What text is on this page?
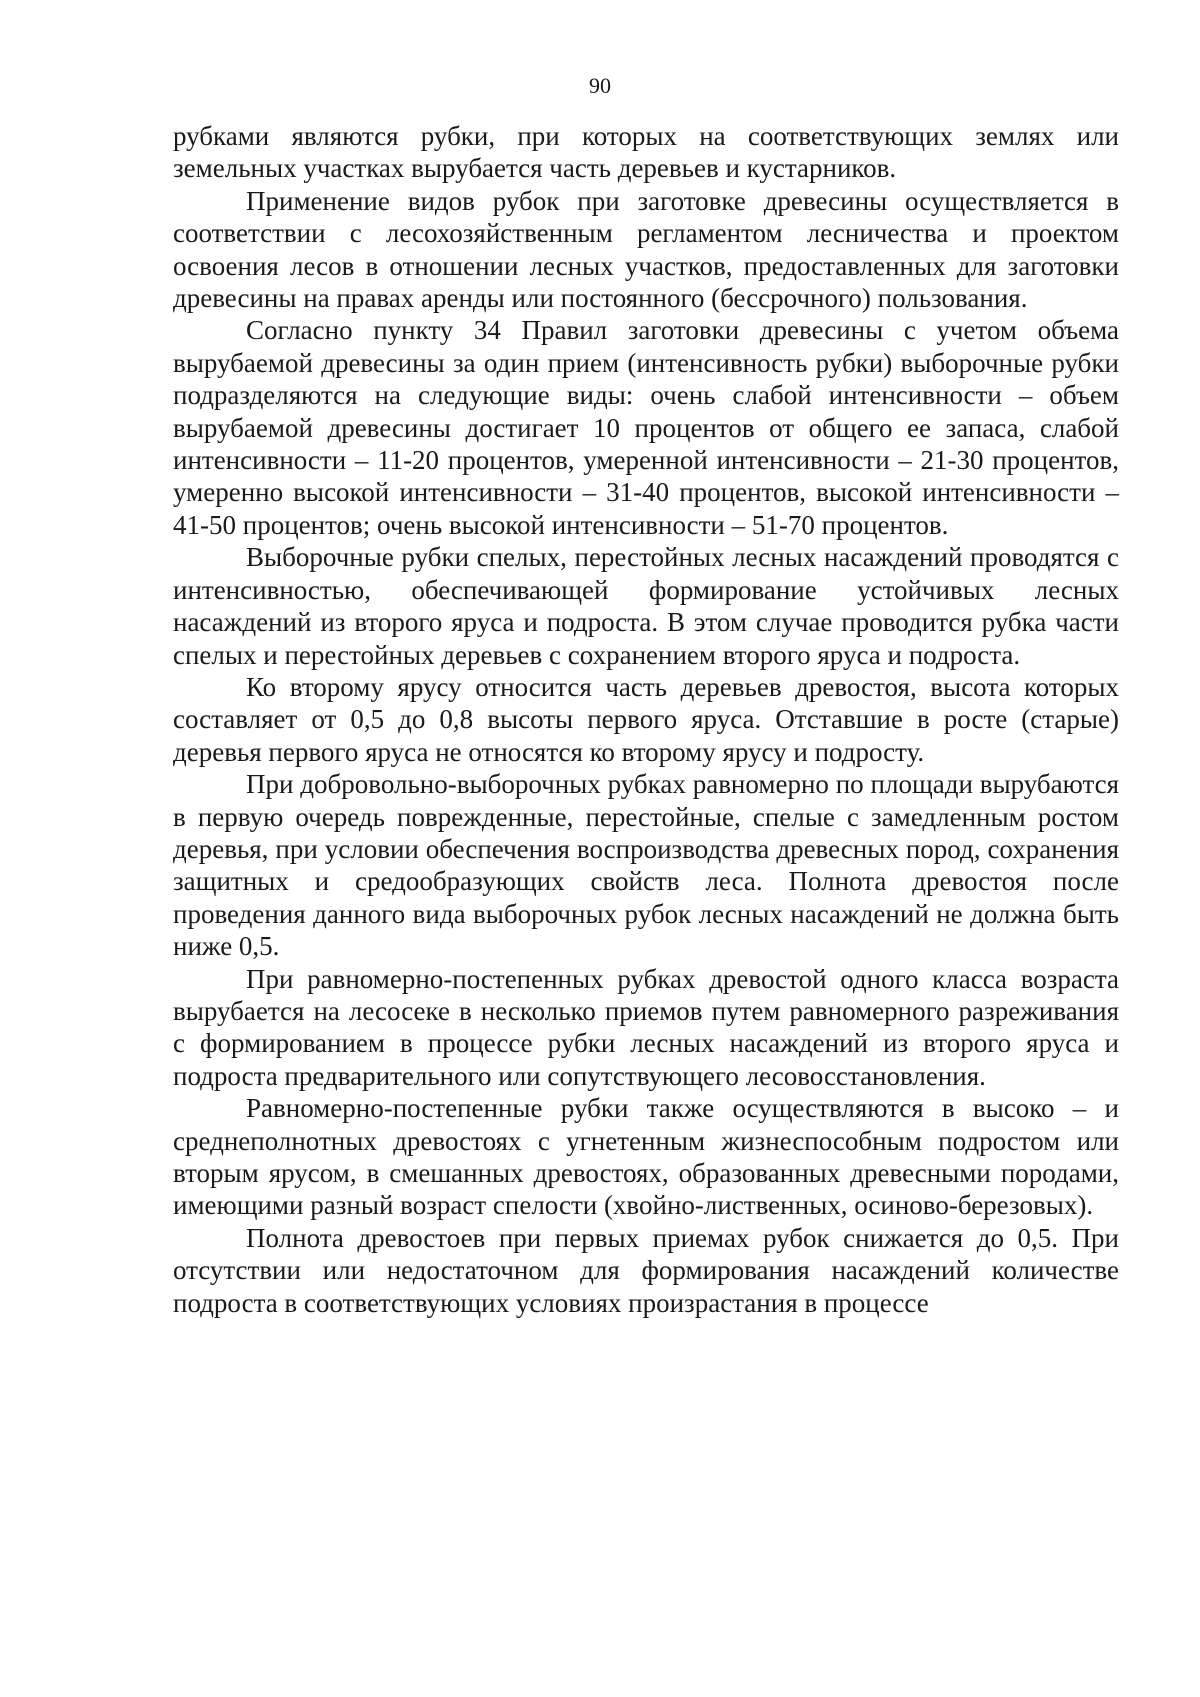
90

рубками являются рубки, при которых на соответствующих землях или земельных участках вырубается часть деревьев и кустарников.

Применение видов рубок при заготовке древесины осуществляется в соответствии с лесохозяйственным регламентом лесничества и проектом освоения лесов в отношении лесных участков, предоставленных для заготовки древесины на правах аренды или постоянного (бессрочного) пользования.

Согласно пункту 34 Правил заготовки древесины с учетом объема вырубаемой древесины за один прием (интенсивность рубки) выборочные рубки подразделяются на следующие виды: очень слабой интенсивности – объем вырубаемой древесины достигает 10 процентов от общего ее запаса, слабой интенсивности – 11-20 процентов, умеренной интенсивности – 21-30 процентов, умеренно высокой интенсивности – 31-40 процентов, высокой интенсивности – 41-50 процентов; очень высокой интенсивности – 51-70 процентов.

Выборочные рубки спелых, перестойных лесных насаждений проводятся с интенсивностью, обеспечивающей формирование устойчивых лесных насаждений из второго яруса и подроста. В этом случае проводится рубка части спелых и перестойных деревьев с сохранением второго яруса и подроста.

Ко второму ярусу относится часть деревьев древостоя, высота которых составляет от 0,5 до 0,8 высоты первого яруса. Отставшие в росте (старые) деревья первого яруса не относятся ко второму ярусу и подросту.

При добровольно-выборочных рубках равномерно по площади вырубаются в первую очередь поврежденные, перестойные, спелые с замедленным ростом деревья, при условии обеспечения воспроизводства древесных пород, сохранения защитных и средообразующих свойств леса. Полнота древостоя после проведения данного вида выборочных рубок лесных насаждений не должна быть ниже 0,5.

При равномерно-постепенных рубках древостой одного класса возраста вырубается на лесосеке в несколько приемов путем равномерного разреживания с формированием в процессе рубки лесных насаждений из второго яруса и подроста предварительного или сопутствующего лесовосстановления.

Равномерно-постепенные рубки также осуществляются в высоко – и среднеполнотных древостоях с угнетенным жизнеспособным подростом или вторым ярусом, в смешанных древостоях, образованных древесными породами, имеющими разный возраст спелости (хвойно-лиственных, осиново-березовых).

Полнота древостоев при первых приемах рубок снижается до 0,5. При отсутствии или недостаточном для формирования насаждений количестве подроста в соответствующих условиях произрастания в процессе
